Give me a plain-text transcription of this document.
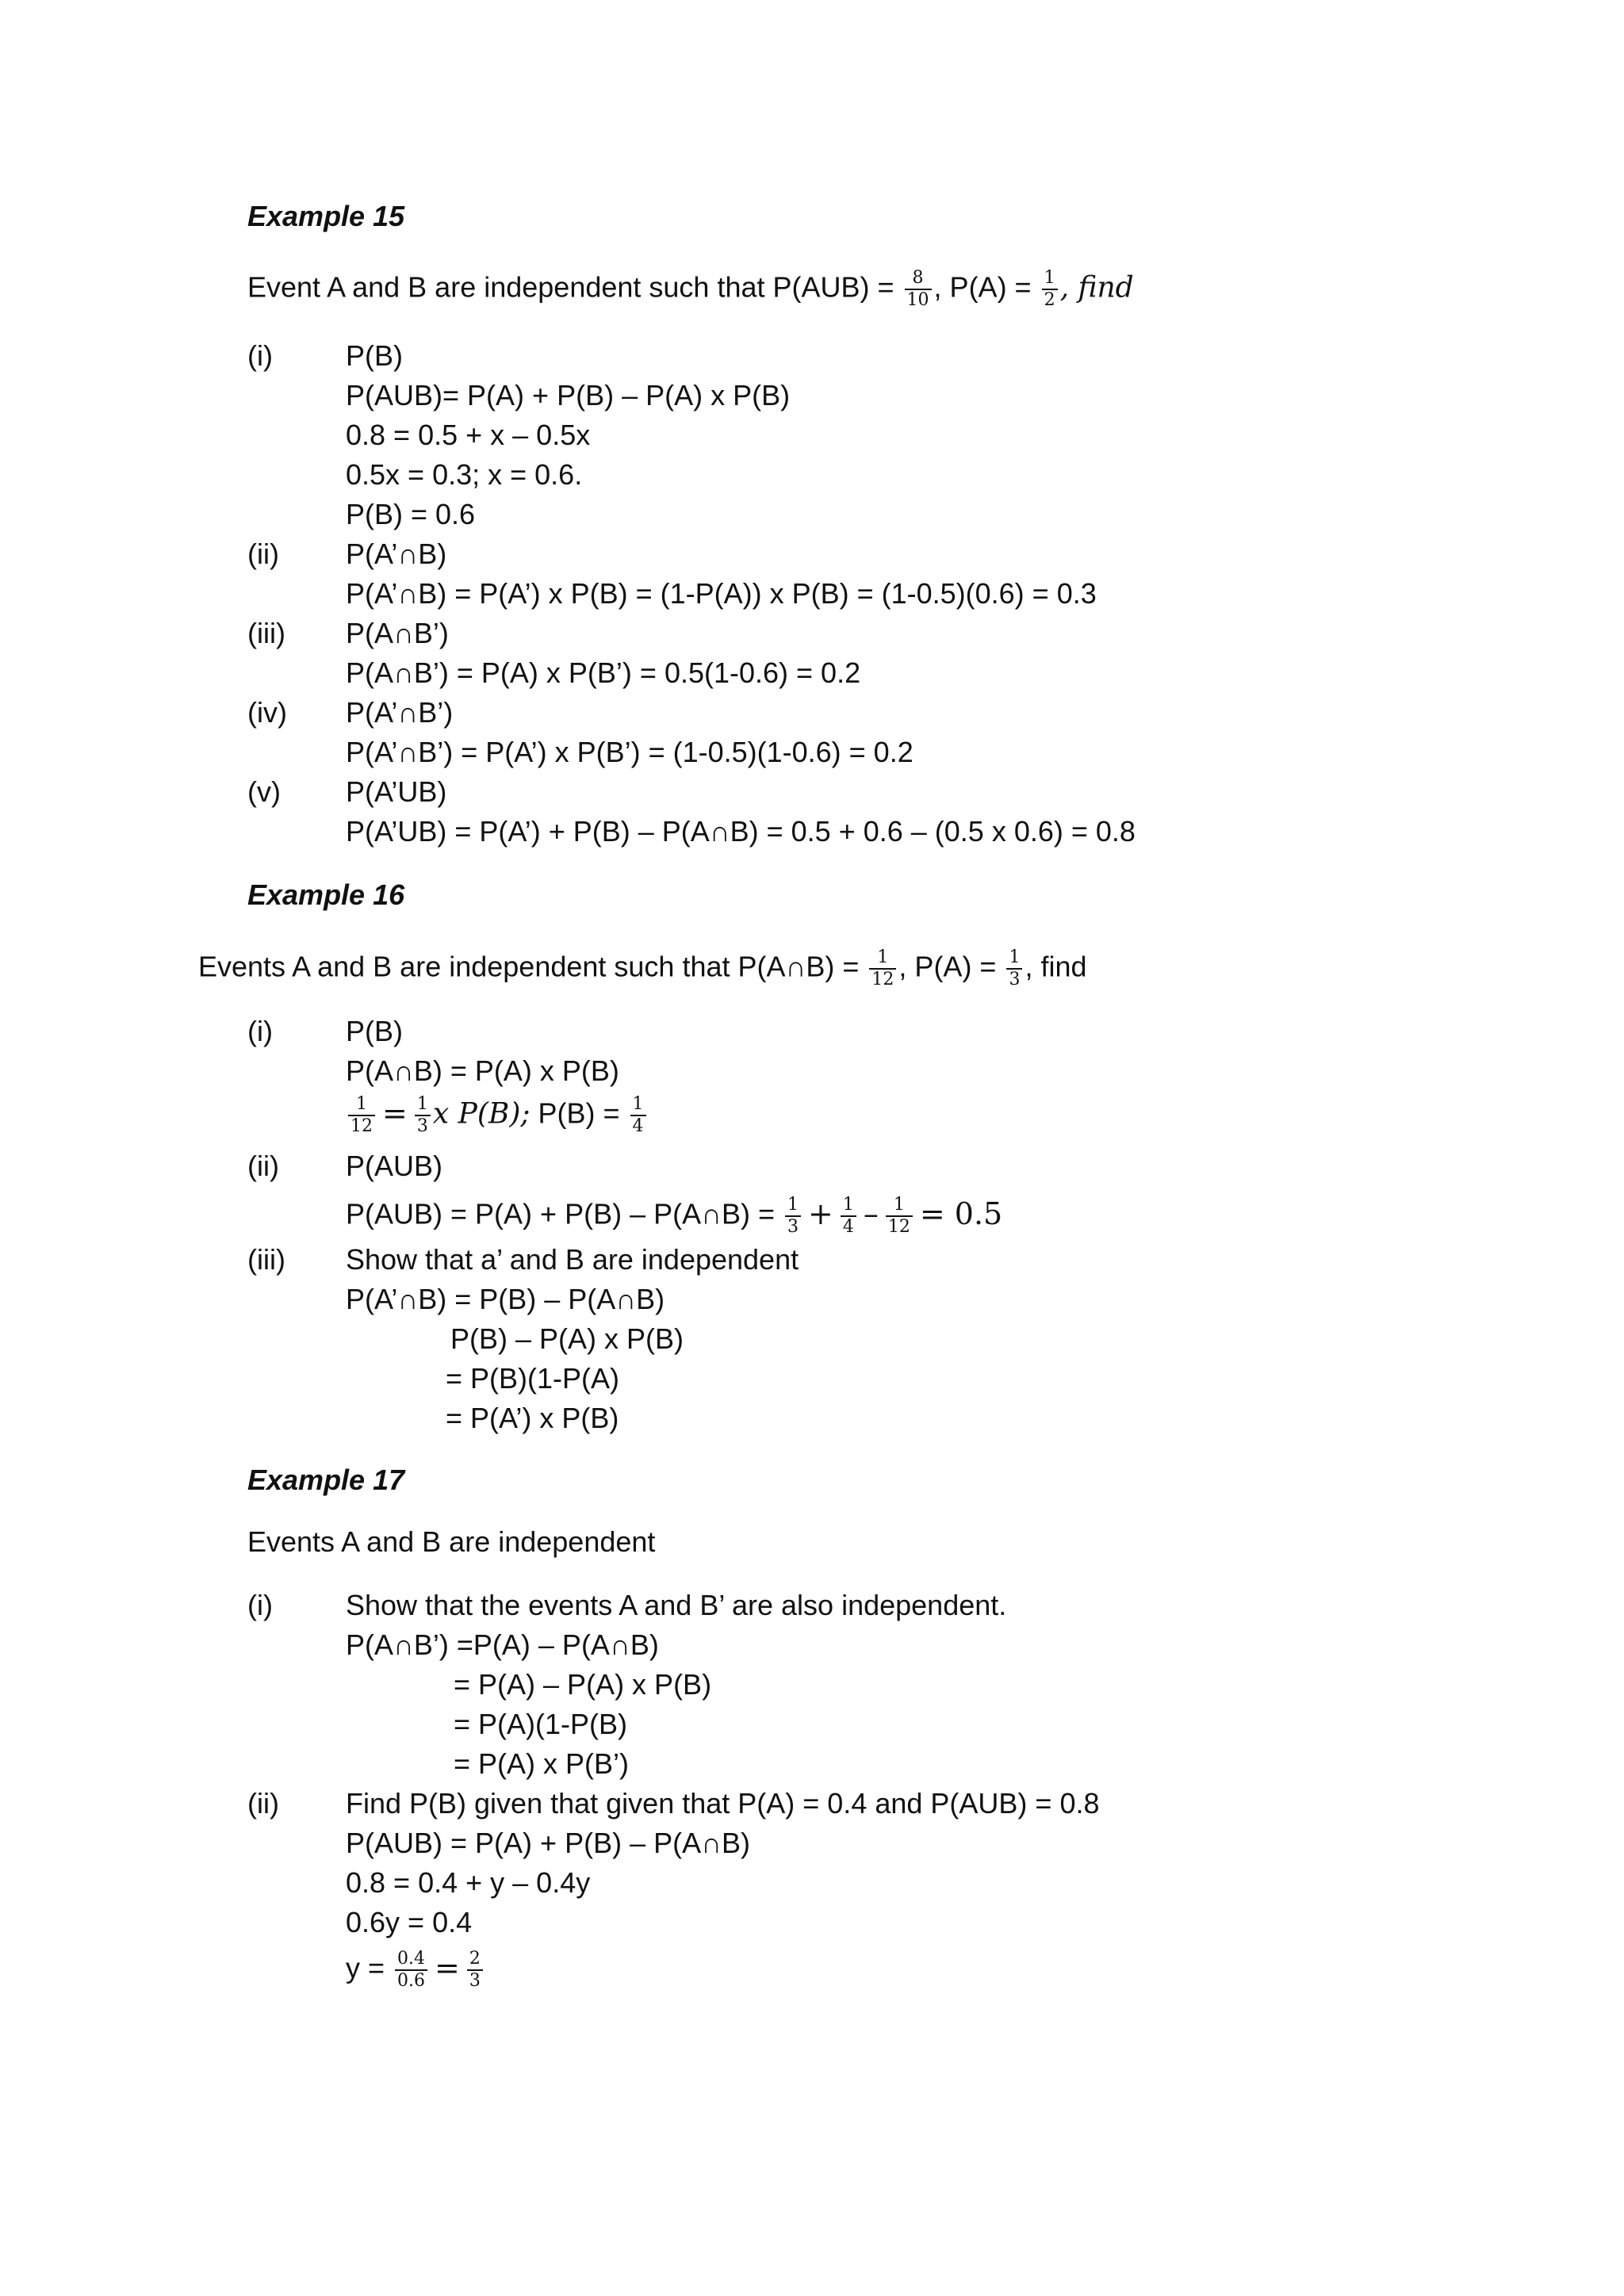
Example 15
Event A and B are independent such that $P(AUB) = \frac{8}{10}$ , $P(A) = \frac{1}{2}$ , find
(i)	P(B)
P(AUB)= P(A) + P(B) – P(A) x P(B)
0.8 = 0.5 + x – 0.5x
0.5x = 0.3; x = 0.6.
P(B) = 0.6
(ii) P(A’∩B)
P(A’∩B) = P(A’) x P(B) = (1-P(A)) x P(B) = (1-0.5)(0.6) = 0.3
(iii) P(A∩B’)
P(A∩B’) = P(A) x P(B’) = 0.5(1-0.6) = 0.2
(iv) P(A’∩B’)
P(A’∩B’) = P(A’) x P(B’) = (1-0.5)(1-0.6) = 0.2
(v) P(A’UB)
P(A’UB) = P(A’) + P(B) – P(A∩B) = 0.5 + 0.6 – (0.5 x 0.6) = 0.8
Example 16
Events A and B are independent such that P(A∩B) = $\frac{1}{12}$ , $P(A) = \frac{1}{3}$ , find
(i)	P(B)
P(A∩B) = P(A) x P(B)
$\frac{1}{12} = \frac{1}{3}$ x P(B); $P(B) = \frac{1}{4}$
(ii) P(AUB)
P(AUB) = P(A) + P(B) – P(A∩B) = $\frac{1}{3} + \frac{1}{4} - \frac{1}{12} = 0.5$
(iii) Show that a’ and B are independent
P(A’∩B) = P(B) – P(A∩B)
P(B) – P(A) x P(B)
= P(B)(1-P(A)
= P(A’) x P(B)
Example 17
Events A and B are independent
(i)	Show that the events A and B’ are also independent.
P(A∩B’) =P(A) – P(A∩B)
= P(A) – P(A) x P(B)
= P(A)(1-P(B)
= P(A) x P(B’)
(ii) Find P(B) given that given that P(A) = 0.4 and P(AUB) = 0.8
P(AUB) = P(A) + P(B) – P(A∩B)
0.8 = 0.4 + y – 0.4y
0.6y = 0.4
$y = \frac{0.4}{0.6} = \frac{2}{3}$
